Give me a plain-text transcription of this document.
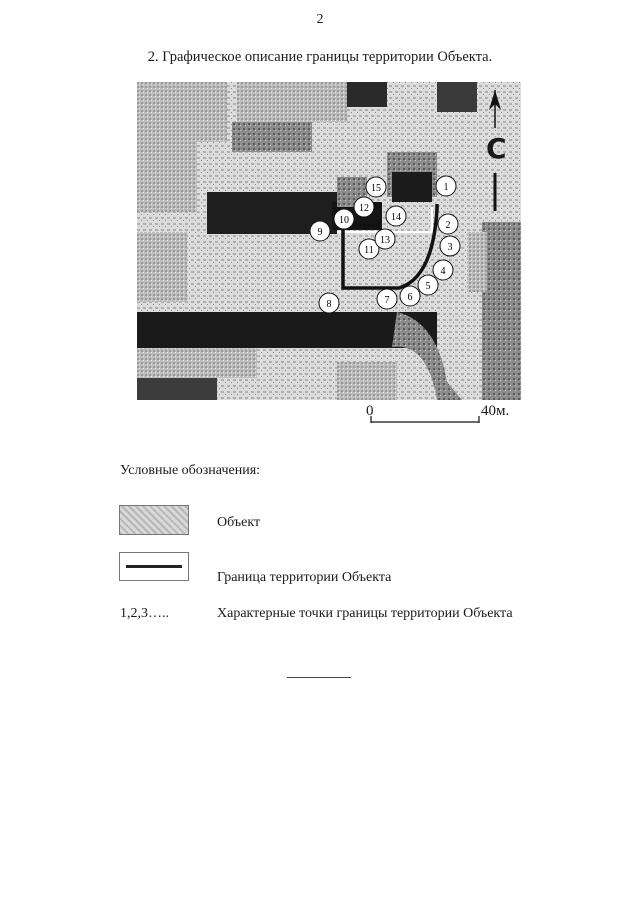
2
2. Графическое описание границы территории Объекта.
1
2
3
4
5
6
7
8
9
10
11
12
13
14
15
С
0	40м.
Условные обозначения:
Объект
Граница территории Объекта
1,2,3…..	Характерные точки границы территории Объекта
